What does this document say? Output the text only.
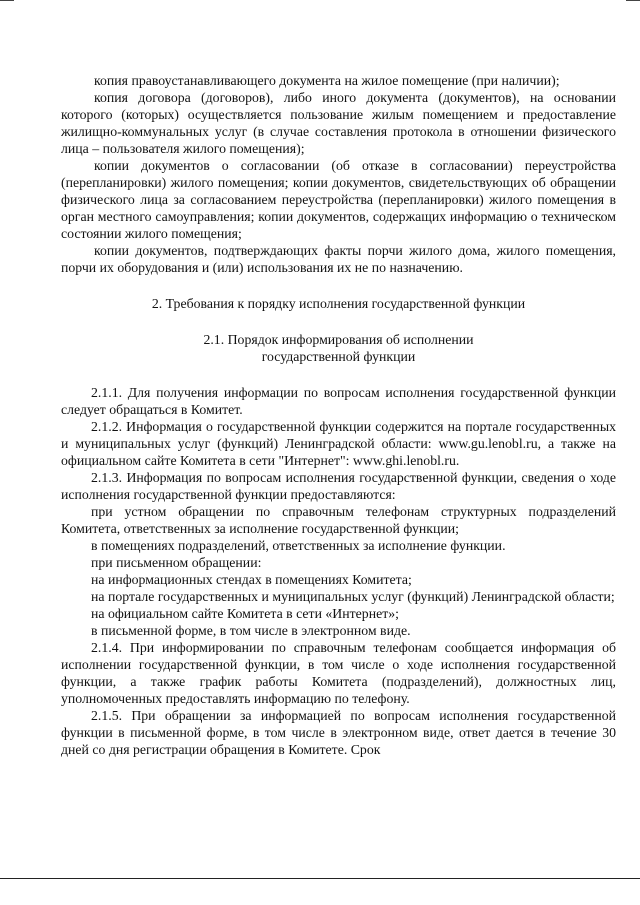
копия правоустанавливающего документа на жилое помещение (при наличии);

копия договора (договоров), либо иного документа (документов), на основании которого (которых) осуществляется пользование жилым помещением и предоставление жилищно-коммунальных услуг (в случае составления протокола в отношении физического лица – пользователя жилого помещения);

копии документов о согласовании (об отказе в согласовании) переустройства (перепланировки) жилого помещения; копии документов, свидетельствующих об обращении физического лица за согласованием переустройства (перепланировки) жилого помещения в орган местного самоуправления; копии документов, содержащих информацию о техническом состоянии жилого помещения;

копии документов, подтверждающих факты порчи жилого дома, жилого помещения, порчи их оборудования и (или) использования их не по назначению.

2. Требования к порядку исполнения государственной функции

2.1. Порядок информирования об исполнении

государственной функции

2.1.1. Для получения информации по вопросам исполнения государственной функции следует обращаться в Комитет.

2.1.2. Информация о государственной функции содержится на портале государственных и муниципальных услуг (функций) Ленинградской области: www.gu.lenobl.ru, а также на официальном сайте Комитета в сети "Интернет": www.ghi.lenobl.ru.

2.1.3. Информация по вопросам исполнения государственной функции, сведения о ходе исполнения государственной функции предоставляются:

при устном обращении по справочным телефонам структурных подразделений Комитета, ответственных за исполнение государственной функции;

в помещениях подразделений, ответственных за исполнение функции.

при письменном обращении:

на информационных стендах в помещениях Комитета;

на портале государственных и муниципальных услуг (функций) Ленинградской области;

на официальном сайте Комитета в сети «Интернет»;

в письменной форме, в том числе в электронном виде.

2.1.4. При информировании по справочным телефонам сообщается информация об исполнении государственной функции, в том числе о ходе исполнения государственной функции, а также график работы Комитета (подразделений), должностных лиц, уполномоченных предоставлять информацию по телефону.

2.1.5. При обращении за информацией по вопросам исполнения государственной функции в письменной форме, в том числе в электронном виде, ответ дается в течение 30 дней со дня регистрации обращения в Комитете. Срок
